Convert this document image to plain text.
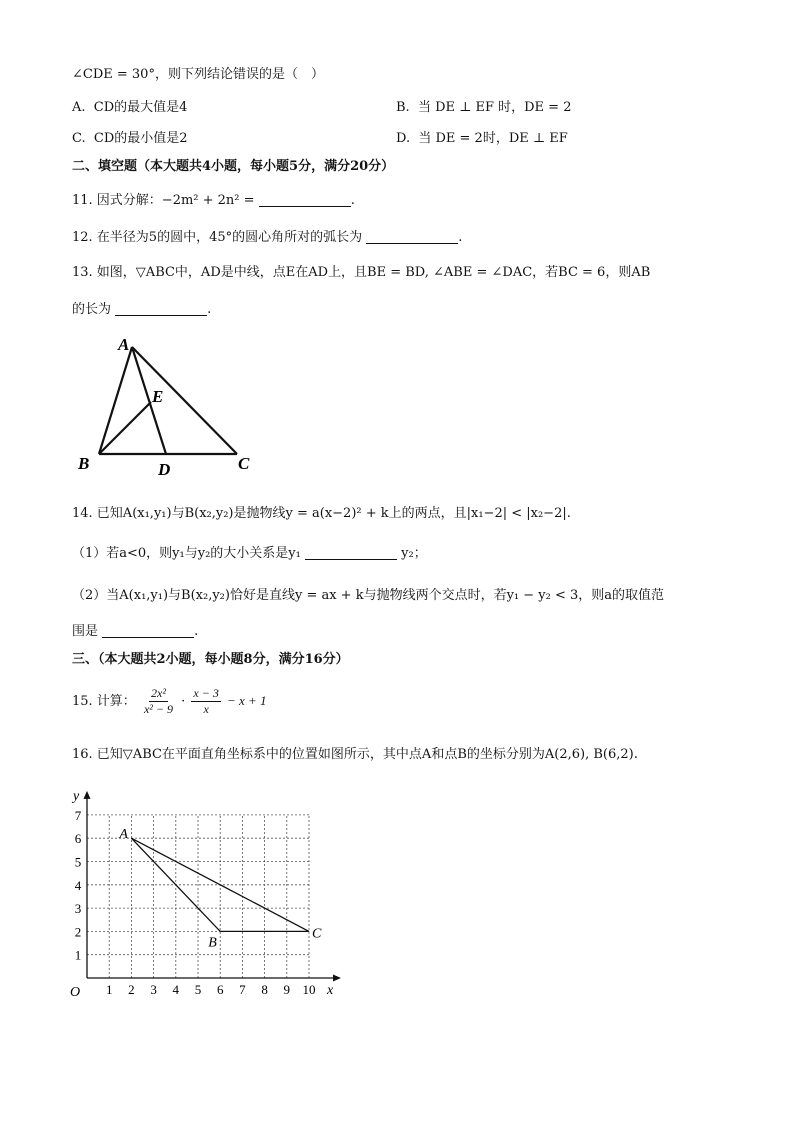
∠CDE = 30°，则下列结论错误的是（　）
A. CD的最大值是4	B. 当 DE ⊥ EF 时，DE = 2
C. CD的最小值是2	D. 当 DE = 2时，DE ⊥ EF
二、填空题（本大题共4小题，每小题5分，满分20分）
11. 因式分解：−2m² + 2n² =	.
12. 在半径为5的圆中，45°的圆心角所对的弧长为	.
13. 如图，▽ABC中，AD是中线，点E在AD上，且BE = BD, ∠ABE = ∠DAC，若BC = 6，则AB
的长为	.
A
E
B	D	C
14. 已知A(x₁,y₁)与B(x₂,y₂)是抛物线y = a(x−2)² + k上的两点，且|x₁−2| < |x₂−2|.
（1）若a<0，则y₁与y₂的大小关系是y₁	y₂；
（2）当A(x₁,y₁)与B(x₂,y₂)恰好是直线y = ax + k与抛物线两个交点时，若y₁ − y₂ < 3，则a的取值范
围是	.
三、（本大题共2小题，每小题8分，满分16分）
15. 计算： $\frac{\text{2x²}}{\text{x² − 9}} \cdot \frac{x - 3}{x} - x + 1$
16. 已知▽ABC在平面直角坐标系中的位置如图所示，其中点A和点B的坐标分别为A(2,6), B(6,2).
x
y
O 1 2 3 4 5 6 7 8 9 10
1
2
3
4
5
6
7
A
B
C
